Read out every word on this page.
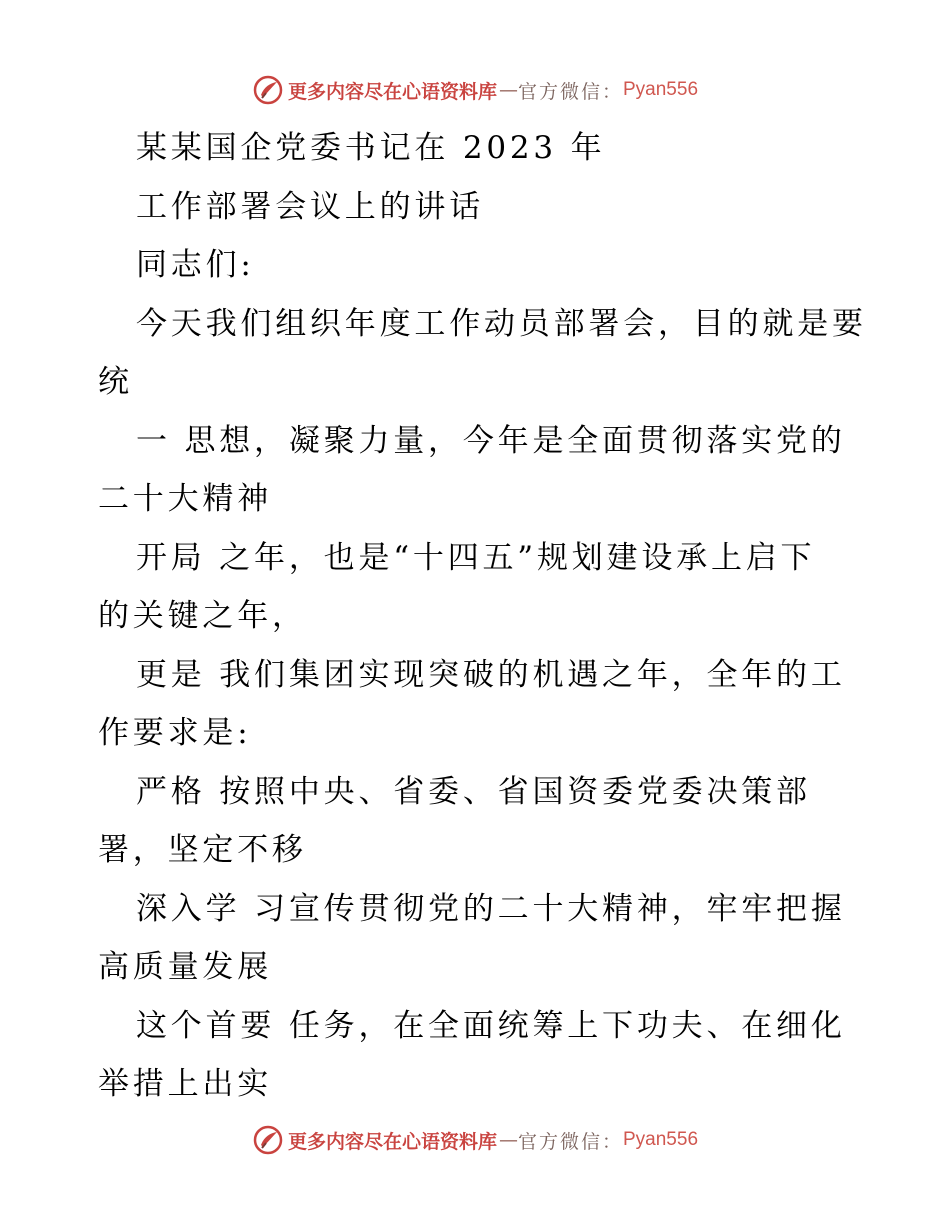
更多内容尽在心语资料库 — 官方微信： Pyan556
某某国企党委书记在 2023 年
工作部署会议上的讲话
同志们:
今天我们组织年度工作动员部署会，目的就是要
统
一 思想，凝聚力量，今年是全面贯彻落实党的
二十大精神
开局 之年，也是“十四五”规划建设承上启下
的关键之年，
更是 我们集团实现突破的机遇之年，全年的工
作要求是:
严格 按照中央、省委、省国资委党委决策部
署，坚定不移
深入学 习宣传贯彻党的二十大精神，牢牢把握
高质量发展
这个首要 任务，在全面统筹上下功夫、在细化
举措上出实
更多内容尽在心语资料库 — 官方微信： Pyan556
